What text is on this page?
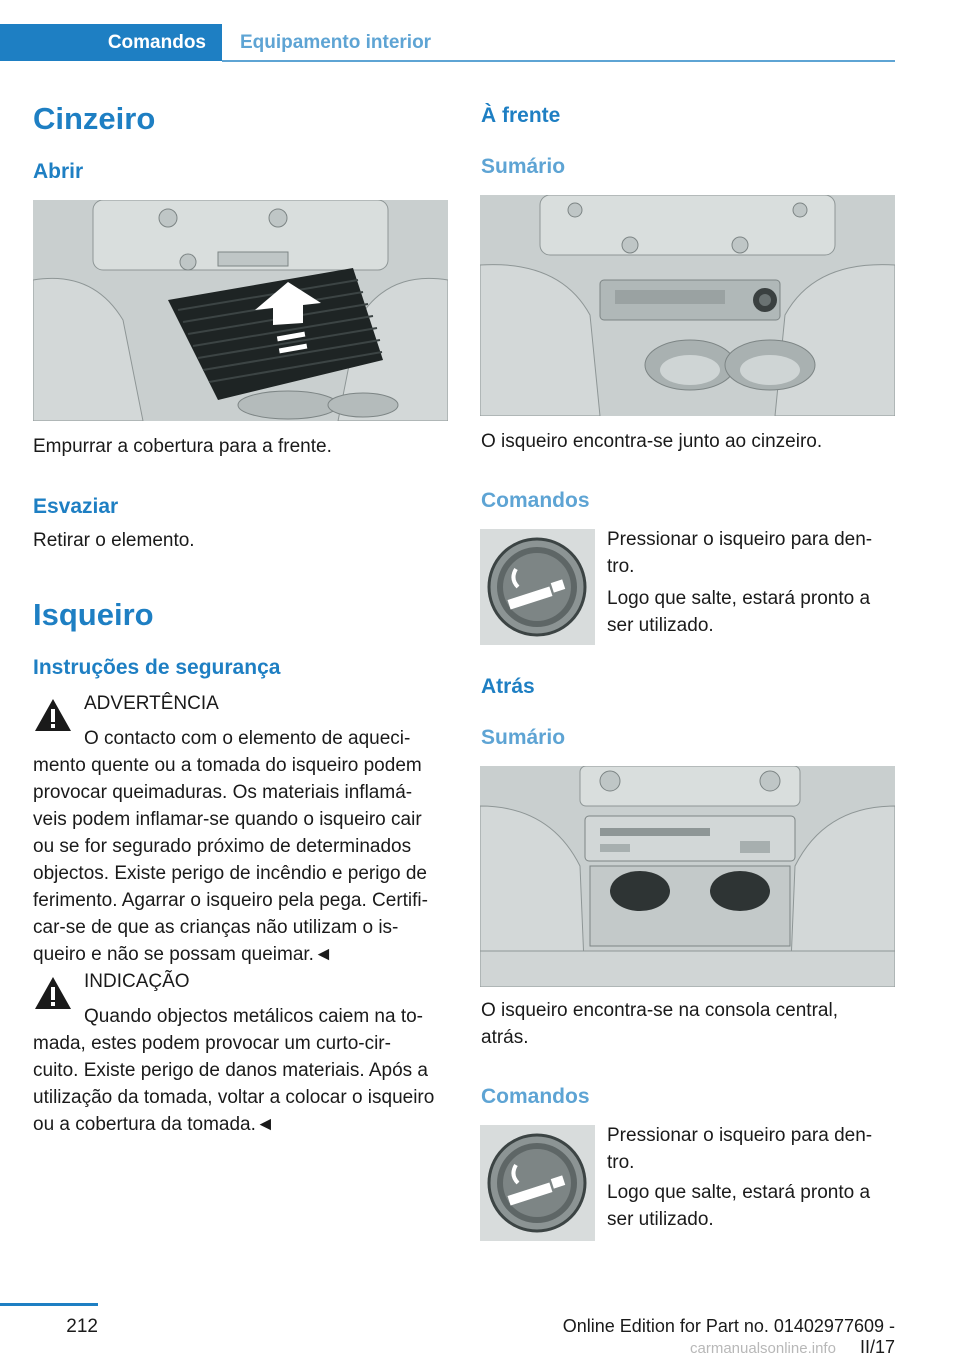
Comandos	Equipamento interior
Cinzeiro
Abrir
Empurrar a cobertura para a frente.
Esvaziar
Retirar o elemento.
Isqueiro
Instruções de segurança
ADVERTÊNCIA
O contacto com o elemento de aqueci-
mento quente ou a tomada do isqueiro podem
provocar queimaduras. Os materiais inflamá-
veis podem inflamar-se quando o isqueiro cair
ou se for segurado próximo de determinados
objectos. Existe perigo de incêndio e perigo de
ferimento. Agarrar o isqueiro pela pega. Certifi-
car-se de que as crianças não utilizam o is-
queiro e não se possam queimar.◄
INDICAÇÃO
Quando objectos metálicos caiem na to-
mada, estes podem provocar um curto-cir-
cuito. Existe perigo de danos materiais. Após a
utilização da tomada, voltar a colocar o isqueiro
ou a cobertura da tomada.◄
À frente
Sumário
O isqueiro encontra-se junto ao cinzeiro.
Comandos
Pressionar o isqueiro para den-
tro.
Logo que salte, estará pronto a
ser utilizado.
Atrás
Sumário
O isqueiro encontra-se na consola central,
atrás.
Comandos
Pressionar o isqueiro para den-
tro.
Logo que salte, estará pronto a
ser utilizado.
212	Online Edition for Part no. 01402977609 - II/17
carmanualsonline.info
